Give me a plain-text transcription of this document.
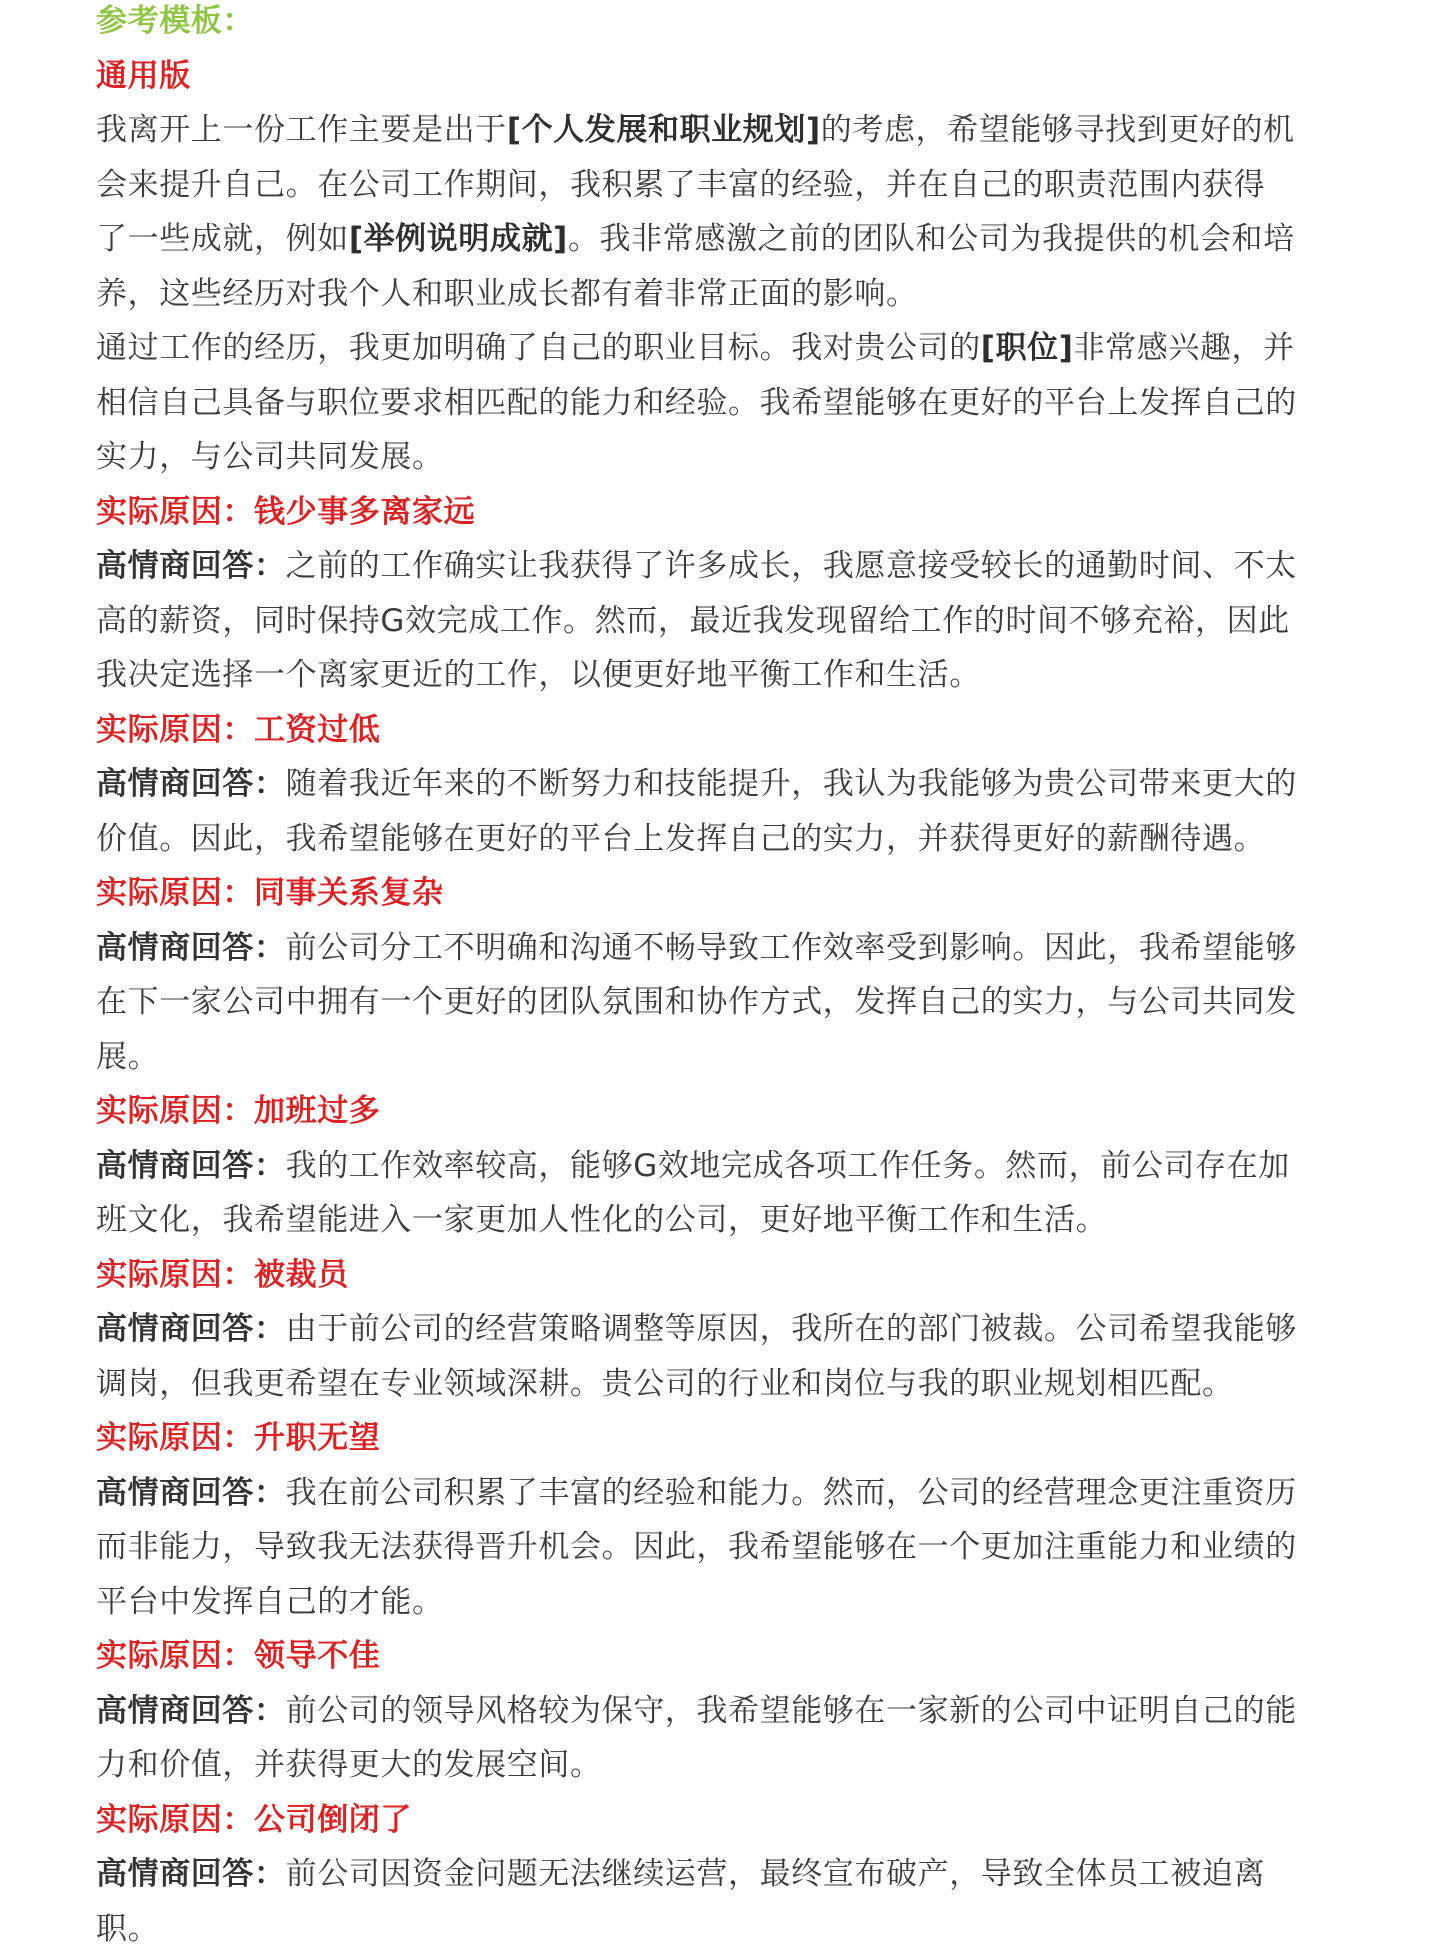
参考模板：
通用版
我离开上一份工作主要是出于[个人发展和职业规划]的考虑，希望能够寻找到更好的机
会来提升自己。在公司工作期间，我积累了丰富的经验，并在自己的职责范围内获得
了一些成就，例如[举例说明成就]。我非常感激之前的团队和公司为我提供的机会和培
养，这些经历对我个人和职业成长都有着非常正面的影响。
通过工作的经历，我更加明确了自己的职业目标。我对贵公司的[职位]非常感兴趣，并
相信自己具备与职位要求相匹配的能力和经验。我希望能够在更好的平台上发挥自己的
实力，与公司共同发展。
实际原因：钱少事多离家远
高情商回答：之前的工作确实让我获得了许多成长，我愿意接受较长的通勤时间、不太
高的薪资，同时保持G效完成工作。然而，最近我发现留给工作的时间不够充裕，因此
我决定选择一个离家更近的工作，以便更好地平衡工作和生活。
实际原因：工资过低
高情商回答：随着我近年来的不断努力和技能提升，我认为我能够为贵公司带来更大的
价值。因此，我希望能够在更好的平台上发挥自己的实力，并获得更好的薪酬待遇。
实际原因：同事关系复杂
高情商回答：前公司分工不明确和沟通不畅导致工作效率受到影响。因此，我希望能够
在下一家公司中拥有一个更好的团队氛围和协作方式，发挥自己的实力，与公司共同发
展。
实际原因：加班过多
高情商回答：我的工作效率较高，能够G效地完成各项工作任务。然而，前公司存在加
班文化，我希望能进入一家更加人性化的公司，更好地平衡工作和生活。
实际原因：被裁员
高情商回答：由于前公司的经营策略调整等原因，我所在的部门被裁。公司希望我能够
调岗，但我更希望在专业领域深耕。贵公司的行业和岗位与我的职业规划相匹配。
实际原因：升职无望
高情商回答：我在前公司积累了丰富的经验和能力。然而，公司的经营理念更注重资历
而非能力，导致我无法获得晋升机会。因此，我希望能够在一个更加注重能力和业绩的
平台中发挥自己的才能。
实际原因：领导不佳
高情商回答：前公司的领导风格较为保守，我希望能够在一家新的公司中证明自己的能
力和价值，并获得更大的发展空间。
实际原因：公司倒闭了
高情商回答：前公司因资金问题无法继续运营，最终宣布破产，导致全体员工被迫离
职。
